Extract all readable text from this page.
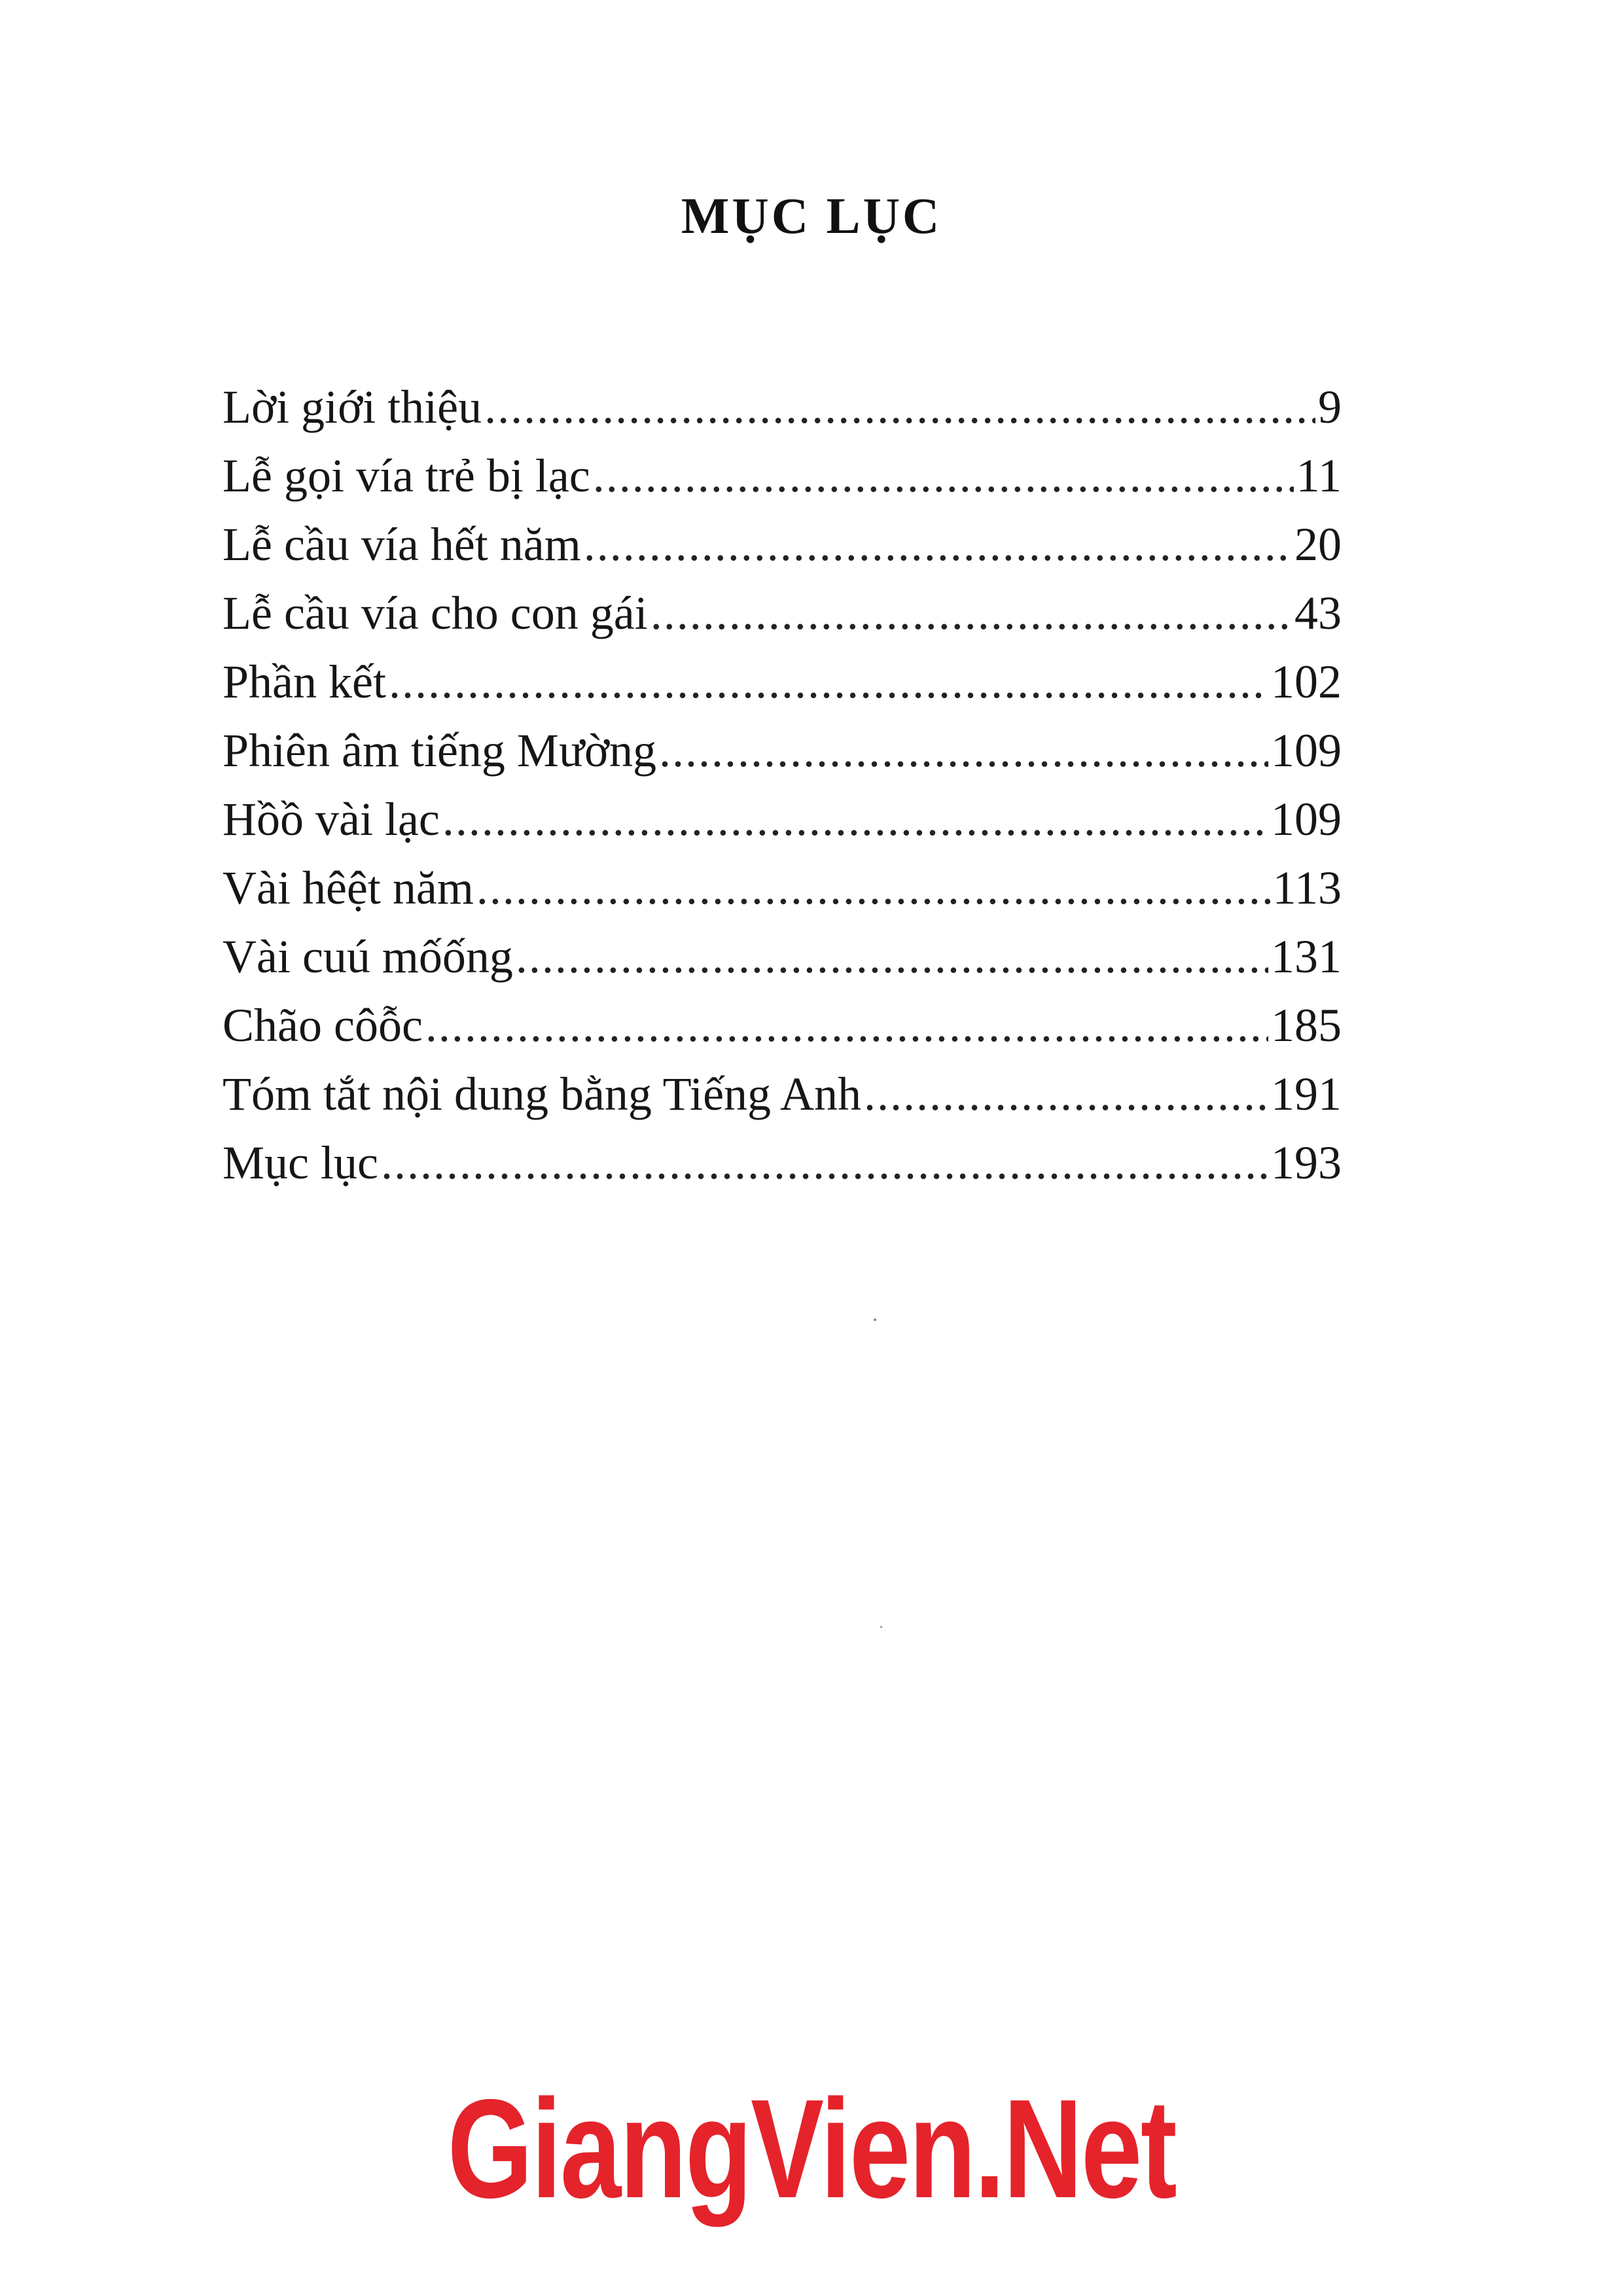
MỤC LỤC
Lời giới thiệu .....	9
Lễ gọi vía trẻ bị lạc .....	11
Lễ cầu vía hết năm .....	20
Lễ cầu vía cho con gái .....	43
Phần kết .....	102
Phiên âm tiếng Mường .....	109
Hồồ vài lạc .....	109
Vài hêệt năm .....	113
Vài cuú mốống .....	131
Chão côỗc .....	185
Tóm tắt nội dung bằng Tiếng Anh .....	191
Mục lục .....	193
GiangVien.Net
